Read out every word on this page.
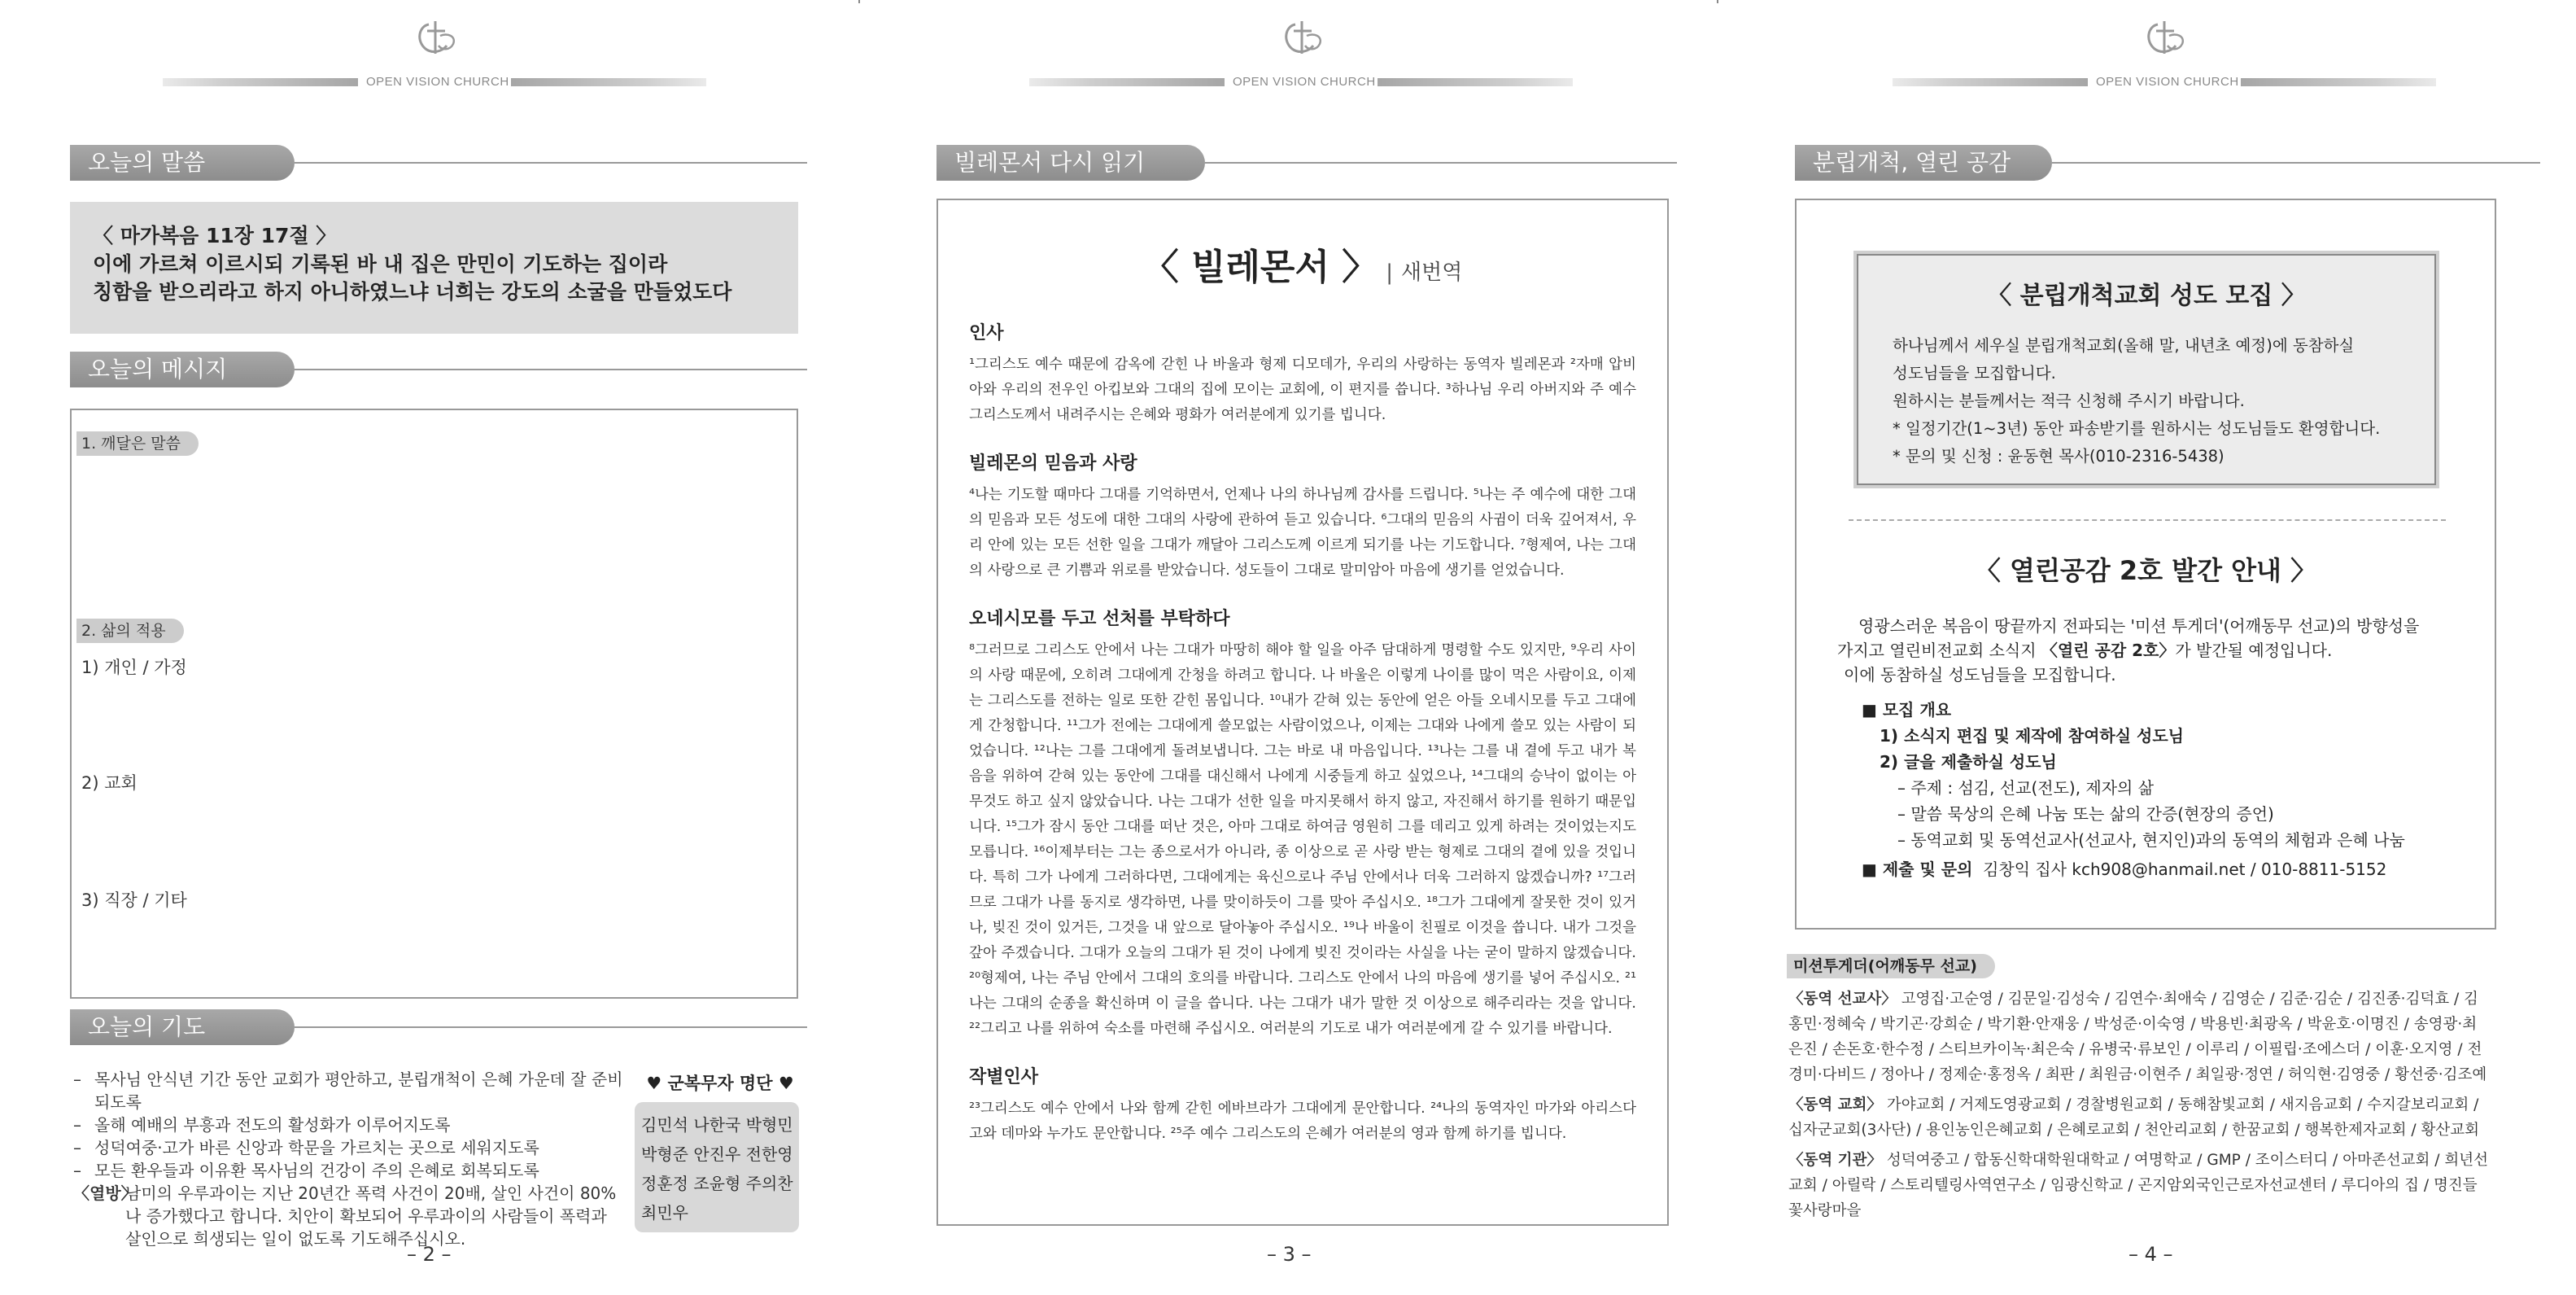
OPEN VISION CHURCH
오늘의 말씀
〈 마가복음 11장 17절 〉
이에 가르쳐 이르시되 기록된 바 내 집은 만민이 기도하는 집이라
칭함을 받으리라고 하지 아니하였느냐 너희는 강도의 소굴을 만들었도다
오늘의 메시지
1. 깨달은 말씀
2. 삶의 적용
1) 개인 / 가정
2) 교회
3) 직장 / 기타
오늘의 기도
– 목사님 안식년 기간 동안 교회가 평안하고, 분립개척이 은혜 가운데 잘 준비되도록
– 올해 예배의 부흥과 전도의 활성화가 이루어지도록
– 성덕여중·고가 바른 신앙과 학문을 가르치는 곳으로 세워지도록
– 모든 환우들과 이유환 목사님의 건강이 주의 은혜로 회복되도록
〈열방〉
남미의 우루과이는 지난 20년간 폭력 사건이 20배, 살인 사건이 80%나 증가했다고 합니다. 치안이 확보되어 우루과이의 사람들이 폭력과 살인으로 희생되는 일이 없도록 기도해주십시오.
♥ 군복무자 명단 ♥
김민석 나한국 박형민
박형준 안진우 전한영
정훈정 조윤형 주의찬
최민우
– 2 –
OPEN VISION CHURCH
빌레몬서 다시 읽기
〈 빌레몬서 〉 | 새번역
인사
¹그리스도 예수 때문에 감옥에 갇힌 나 바울과 형제 디모데가, 우리의 사랑하는 동역자 빌레몬과 ²자매 압비아와 우리의 전우인 아킵보와 그대의 집에 모이는 교회에, 이 편지를 씁니다. ³하나님 우리 아버지와 주 예수 그리스도께서 내려주시는 은혜와 평화가 여러분에게 있기를 빕니다.
빌레몬의 믿음과 사랑
⁴나는 기도할 때마다 그대를 기억하면서, 언제나 나의 하나님께 감사를 드립니다. ⁵나는 주 예수에 대한 그대의 믿음과 모든 성도에 대한 그대의 사랑에 관하여 듣고 있습니다. ⁶그대의 믿음의 사귐이 더욱 깊어져서, 우리 안에 있는 모든 선한 일을 그대가 깨달아 그리스도께 이르게 되기를 나는 기도합니다. ⁷형제여, 나는 그대의 사랑으로 큰 기쁨과 위로를 받았습니다. 성도들이 그대로 말미암아 마음에 생기를 얻었습니다.
오네시모를 두고 선처를 부탁하다
⁸그러므로 그리스도 안에서 나는 그대가 마땅히 해야 할 일을 아주 담대하게 명령할 수도 있지만, ⁹우리 사이의 사랑 때문에, 오히려 그대에게 간청을 하려고 합니다. 나 바울은 이렇게 나이를 많이 먹은 사람이요, 이제는 그리스도를 전하는 일로 또한 갇힌 몸입니다. ¹⁰내가 갇혀 있는 동안에 얻은 아들 오네시모를 두고 그대에게 간청합니다. ¹¹그가 전에는 그대에게 쓸모없는 사람이었으나, 이제는 그대와 나에게 쓸모 있는 사람이 되었습니다. ¹²나는 그를 그대에게 돌려보냅니다. 그는 바로 내 마음입니다. ¹³나는 그를 내 곁에 두고 내가 복음을 위하여 갇혀 있는 동안에 그대를 대신해서 나에게 시중들게 하고 싶었으나, ¹⁴그대의 승낙이 없이는 아무것도 하고 싶지 않았습니다. 나는 그대가 선한 일을 마지못해서 하지 않고, 자진해서 하기를 원하기 때문입니다. ¹⁵그가 잠시 동안 그대를 떠난 것은, 아마 그대로 하여금 영원히 그를 데리고 있게 하려는 것이었는지도 모릅니다. ¹⁶이제부터는 그는 종으로서가 아니라, 종 이상으로 곧 사랑 받는 형제로 그대의 곁에 있을 것입니다. 특히 그가 나에게 그러하다면, 그대에게는 육신으로나 주님 안에서나 더욱 그러하지 않겠습니까? ¹⁷그러므로 그대가 나를 동지로 생각하면, 나를 맞이하듯이 그를 맞아 주십시오. ¹⁸그가 그대에게 잘못한 것이 있거나, 빚진 것이 있거든, 그것을 내 앞으로 달아놓아 주십시오. ¹⁹나 바울이 친필로 이것을 씁니다. 내가 그것을 갚아 주겠습니다. 그대가 오늘의 그대가 된 것이 나에게 빚진 것이라는 사실을 나는 굳이 말하지 않겠습니다. ²⁰형제여, 나는 주님 안에서 그대의 호의를 바랍니다. 그리스도 안에서 나의 마음에 생기를 넣어 주십시오. ²¹나는 그대의 순종을 확신하며 이 글을 씁니다. 나는 그대가 내가 말한 것 이상으로 해주리라는 것을 압니다. ²²그리고 나를 위하여 숙소를 마련해 주십시오. 여러분의 기도로 내가 여러분에게 갈 수 있기를 바랍니다.
작별인사
²³그리스도 예수 안에서 나와 함께 갇힌 에바브라가 그대에게 문안합니다. ²⁴나의 동역자인 마가와 아리스다고와 데마와 누가도 문안합니다. ²⁵주 예수 그리스도의 은혜가 여러분의 영과 함께 하기를 빕니다.
– 3 –
OPEN VISION CHURCH
분립개척, 열린 공감
〈 분립개척교회 성도 모집 〉
하나님께서 세우실 분립개척교회(올해 말, 내년초 예정)에 동참하실
성도님들을 모집합니다.
원하시는 분들께서는 적극 신청해 주시기 바랍니다.
* 일정기간(1~3년) 동안 파송받기를 원하시는 성도님들도 환영합니다.
* 문의 및 신청 : 윤동현 목사(010-2316-5438)
〈 열린공감 2호 발간 안내 〉
영광스러운 복음이 땅끝까지 전파되는 '미션 투게더'(어깨동무 선교)의 방향성을
가지고 열린비전교회 소식지 〈열린 공감 2호〉가 발간될 예정입니다.
이에 동참하실 성도님들을 모집합니다.
■ 모집 개요
1) 소식지 편집 및 제작에 참여하실 성도님
2) 글을 제출하실 성도님
– 주제 : 섬김, 선교(전도), 제자의 삶
– 말씀 묵상의 은혜 나눔 또는 삶의 간증(현장의 증언)
– 동역교회 및 동역선교사(선교사, 현지인)과의 동역의 체험과 은혜 나눔
■ 제출 및 문의 김창익 집사 kch908@hanmail.net / 010-8811-5152
– 4 –
미션투게더(어깨동무 선교)
〈동역 선교사〉 고영집·고순영 / 김문일·김성숙 / 김연수·최애숙 / 김영순 / 김준·김순 / 김진종·김덕효 / 김홍민·정혜숙 / 박기곤·강희순 / 박기환·안재웅 / 박성준·이숙영 / 박용빈·최광옥 / 박윤호·이명진 / 송영광·최은진 / 손돈호·한수정 / 스티브카이녹·최은숙 / 유병국·류보인 / 이루리 / 이필립·조에스더 / 이훈·오지영 / 전경미·다비드 / 정아나 / 정제순·홍정옥 / 최판 / 최원금·이현주 / 최일광·정연 / 허익현·김영중 / 황선중·김조예
〈동역 교회〉 가야교회 / 거제도영광교회 / 경찰병원교회 / 동해참빛교회 / 새지음교회 / 수지갈보리교회 / 십자군교회(3사단) / 용인농인은혜교회 / 은혜로교회 / 천안리교회 / 한꿈교회 / 행복한제자교회 / 황산교회
〈동역 기관〉 성덕여중고 / 합동신학대학원대학교 / 여명학교 / GMP / 조이스터디 / 아마존선교회 / 희년선교회 / 아릴락 / 스토리텔링사역연구소 / 임광신학교 / 곤지암외국인근로자선교센터 / 루디아의 집 / 명진들꽃사랑마을
